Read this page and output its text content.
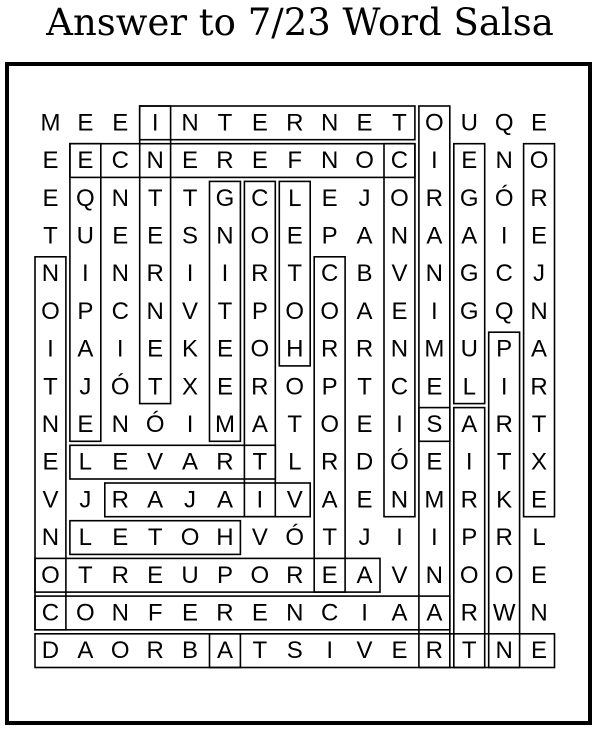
Answer to 7/23 Word Salsa
M E E I N T E R N E T O U Q E
E E C N E R E F N O C I E N O
E Q N T T G C L E J O R G Ó R
T U E E S N O E P A N A A I E
N I N R I I R T C B V N G C J
O P C N V T P O O A E I G Q N
I A I E K E O H R R N M U P A
T J Ó T X E R O P T C E L I R
N E N Ó I M A T O E I S A R T
E L E V A R T L R D Ó E I T X
V J R A J A I V A E N M R K E
N L E T O H V Ó T J I I P R L
O T R E U P O R E A V N O O E
C O N F E R E N C I A A R W N
D A O R B A T S I V E R T N E
